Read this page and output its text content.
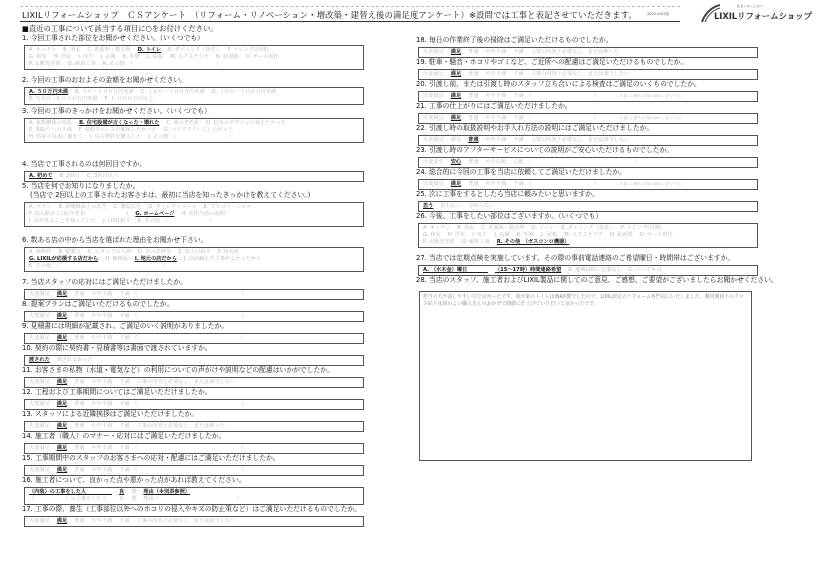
LIXILリフォームショップ　ＣＳアンケート　（リフォーム・リノベーション・増改築・建替え後の満足度アンケート）※設問では工事と表記させていただきます。	2021.04月版
住まいのことなら
LIXILリフォームショップ
■直近の工事について該当する項目に○をお付けください。
1. 今回工事された部位をお聞かせください。（いくつでも）
A. キッチン B. 浴室 C. 洗面所・脱衣所 D. トイレ E. ダイニング（食堂） F. リビング(居間)
G. 和室 H. 洋室 I. 床下 J. 玄関 K. 外壁 L. 屋根 M. エクステリア N. 給湯器 O. オール電化
P. 太陽光発電 Q. 耐震工事 R. その他　（　　　　　　　　　　　　　　　　）
2. 今回の工事のおおよその金額をお聞かせください。
A. ５０万円未満 B. ５０～１００万円未満 C. １００～３００万円未満 D. ３００～５００万円未満
E. ５００～1,０００万円未満 F. １,０００万円以上
3. 今回の工事のきっかけをお聞かせください。（いくつでも）
A. 家族構成の変化 B. 住宅設備が古くなった・壊れた C. 家の老朽化 D. 好みのデザインに変えたかった
E. 間取りへの不満 F. 収納スペースを確保したかった G. バリアフリーにしたかった
H. 将来の災害に備えて I. 中古物件を購入した J. その他　（　　　　　　　　　　）
4. 当店で工事されるのは何回目ですか。
A. 初めて B. 2回目 C. 3回目以上
5. 当店を何でお知りになりましたか。
(当店で 2回以上の工事されたお客さまは、最初に当店を知ったきっかけを教えてください。)
A. チラシ B. 新聞紙面上の広告 C. 雑誌広告 D. ダイレクトメール E. ＴＶコマーシャル
F. 知人紹介 (ご紹介者名　　　　　　　　) G. ホームページ H. 店担当者の訪問
I. 店があることを知っていた J. LIXIL紹介 K. その他　（　　　　　　　　）
6. 数ある店の中から当店を選ばれた理由をお聞かせ下さい。
A. 価格性 B. 提案力 C. スタッフの人柄 D. 店の雰囲気 E. 知人の紹介 F. 知名度
G. LIXILが応援する店だから H. 価格面 I. 地元の店だから J. 以前頼んだ工事がよかったから
K. その他　（　　　　　　　　　　　　　　　　　　　　）
7. 当店スタッフの応対にはご満足いただけましたか。
大変満足 満足 普通 やや不満 不満　（　　　　　　　　　　　　　　　　　　　　）
8. 提案プランはご満足いただけるものでしたか。
大変満足 満足 普通 やや不満 不満　（　　　　　　　　　　　　　　　　　　　　）
9. 見積書には明細が記載され、ご満足のいく説明がありましたか。
大変満足 満足 普通 やや不満 不満　（　　　　　　　　　　　　　　　　　　　　）
10. 契約の際に契約書・見積書等は書面で渡されていますか。
渡された 渡されなかった
11. お客さまの私物（水道・電気など）の利用についての声がけや説明などの配慮はいかがでしたか。
大変満足 満足 普通 やや不満 不満 工事の内容上必要なし、または該当しない
12. 工程および工事期間についてはご満足いただけましたか。
大変満足 満足 普通 やや不満 不満　（　　　　　　　　　　　　　　　　　　　　）
13. スタッフによる近隣挨拶はご満足いただけましたか。
大変満足 満足 普通 やや不満 不満 工事の内容上必要なし、または断った
14. 施工者（職人）のマナー・応対にはご満足いただけましたか。
大変満足 満足 普通 やや不満 不満　（　　　　　　　　　　　　　　　　　　　　）
15. 工事期間中のスタッフのお客さまへの応対・配慮にはご満足いただけましたか。
大変満足 満足 普通 やや不満 不満　（　　　　　　　　　　　　　　　　　　　　）
16. 施工者について、良かった点や悪かった点があれば教えてください。
（内装）の工事をした人　　　　　良 悪 理由（※別表参照）
（　　　　　　）の工事をした人　良 悪 理由（　　　　　　　　　　　　　　　）
17. 工事の際、養生（工事部位以外へのホコリの侵入やキズの防止策など）はご満足いただけるものでしたか。
大変満足 満足 普通 やや不満 不満 工事の内容上必要なし、または該当しない
18. 毎日の作業終了後の掃除はご満足いただけるものでしたか。
大変満足 満足 普通 やや不満 不満 工事の内容上必要なし、または断った
19. 駐車・騒音・ホコリやゴミなど、ご近所への配慮はご満足いただけるものでしたか。
大変満足 満足 普通 やや不満 不満 工事の内容上必要なし、または該当しない
20. 引渡し前、または引渡し時のスタッフ立ち合いによる検査はご満足のいくものでしたか。
大変満足 満足 普通 やや不満 不満　（　　　　　　　　　　　　）	※ 施工に関する内容は28へご記入下さい
21. 工事の仕上がりにはご満足いただけましたか。
大変満足 満足 普通 やや不満 不満　（　　　　　　　　　　　　）	※ 施工に関する内容は28へご記入下さい
22. 引渡し時の取扱説明やお手入れ方法の説明にはご満足いただけましたか。
大変満足 満足 普通 やや不満 不満 工事の内容上必要なし、または該当しない
23. 引渡し時のアフターサービスについての説明がご安心いただけるものでしたか。
大変安心 安心 普通 やや心配 心配　（　　　　　　　　　　　　　　　　　　　　）
24. 総合的に今回の工事を当店に依頼してご満足いただけましたか。
大変満足 満足 普通 やや不満 不満　（　　　　　　　　　　　　）	※ 施工に関する内容は28へご記入下さい
25. 次に工事をするとしたら当店に頼みたいと思いますか。
思う 思わない 分からない
26. 今後、工事をしたい部位はございますか。（いくつでも）
A. キッチン B. 浴室 C. 洗面所・脱衣所 D. トイレ E. ダイニング（食堂） F. リビング(居間)
G. 和室 H. 洋室 I. 床下 J. 玄関 K. 外壁 L. 屋根 M. エクステリア N. 給湯器 O. オール電化
P. 太陽光発電 Q. 耐震工事 R. その他　（ガスコンロ機器）
27. 当店では定期点検を実施しています。その際の事前電話連絡のご希望曜日・時間帯はございますか。
A. （水木金）曜日　　　　（15～17時）時間連絡希望 B. 連絡は特に必要なし C. いつでも可
28. 当店のスタッフ、施工者およびLIXIL製品に関してのご意見、ご感想、ご要望がございましたらお聞かせください。
担当の方が話しやすい方で良かったです。我が家のトイレはINAX製でしたので、LIXIL認定のリフォーム専門店にいたしました。階段側段下のクロス貼り床組のよい職人さんのおかげで綺麗に仕上げていただいて良かったです。
